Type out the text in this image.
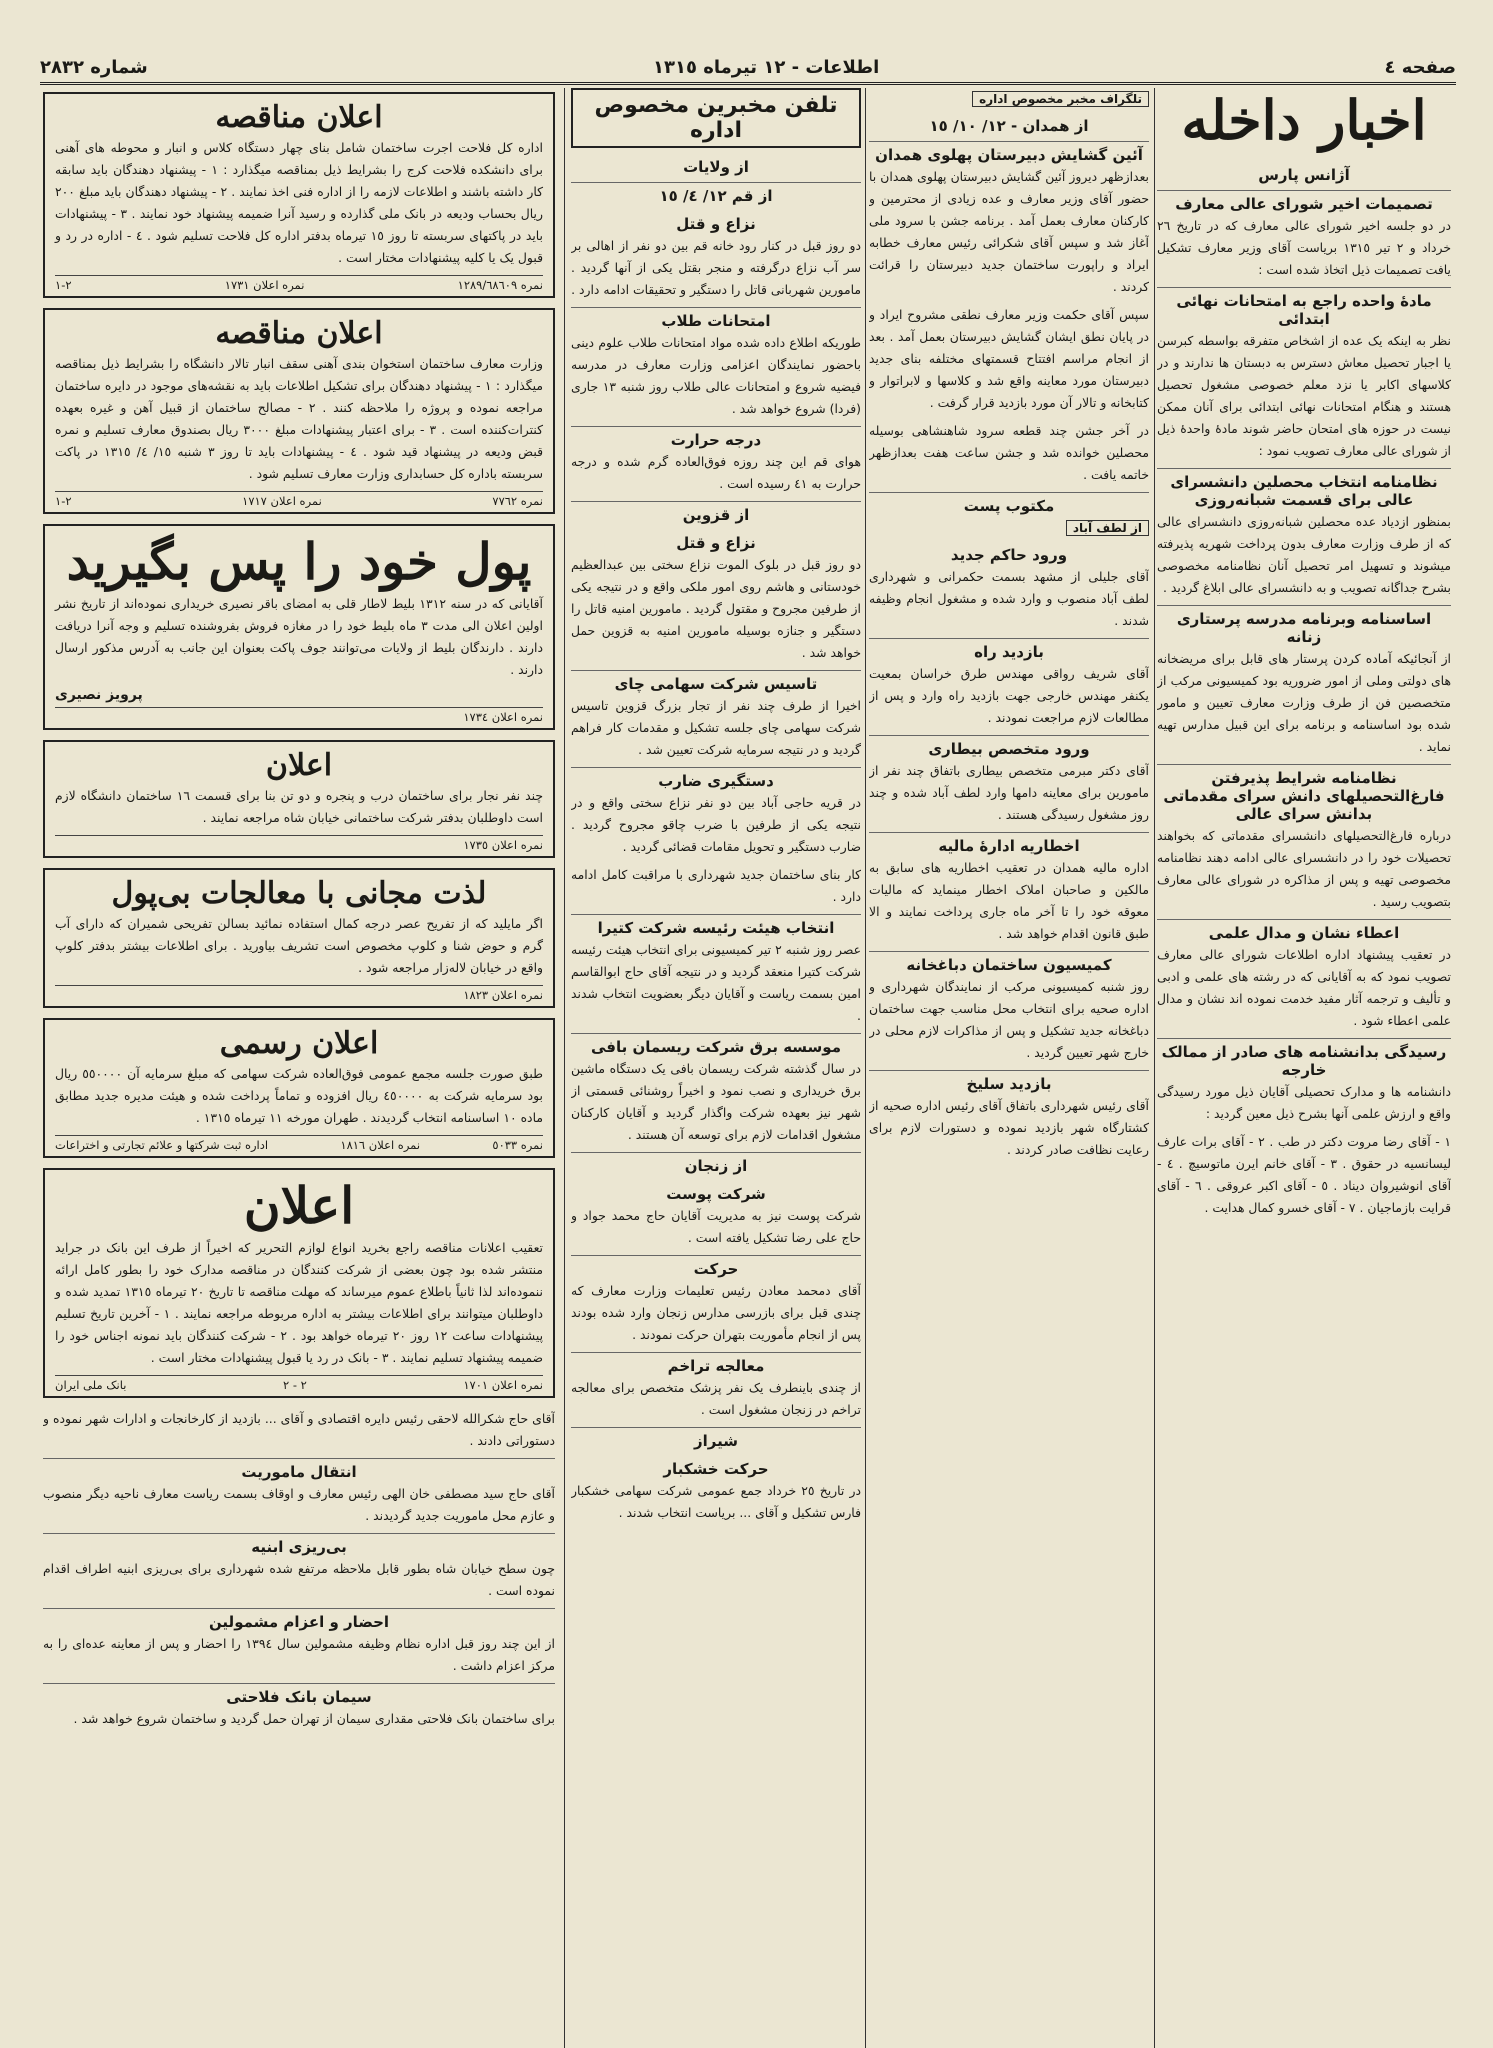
صفحه ٤
اطلاعات - ١٢ تیرماه ١٣١٥
شماره ٢٨٣٢
اخبار داخله
آژانس پارس
تصمیمات اخیر شورای عالی معارف

در دو جلسه اخیر شورای عالی معارف که در تاریخ ٢٦ خرداد و ٢ تیر ١٣١٥ بریاست آقای وزیر معارف تشکیل یافت تصمیمات ذیل اتخاذ شده است :

مادهٔ واحده راجع به امتحانات نهائی ابتدائی

نظر به اینکه یک عده از اشخاص متفرقه بواسطه کبرسن یا اجبار تحصیل معاش دسترس به دبستان ها ندارند و در کلاسهای اکابر یا نزد معلم خصوصی مشغول تحصیل هستند و هنگام امتحانات نهائی ابتدائی برای آنان ممکن نیست در حوزه های امتحان حاضر شوند مادهٔ واحدهٔ ذیل از شورای عالی معارف تصویب نمود :

نظامنامه انتخاب محصلین دانشسرای عالی برای قسمت شبانه‌روزی

بمنظور ازدیاد عده محصلین شبانه‌روزی دانشسرای عالی که از طرف وزارت معارف بدون پرداخت شهریه پذیرفته میشوند و تسهیل امر تحصیل آنان نظامنامه مخصوصی بشرح جداگانه تصویب و به دانشسرای عالی ابلاغ گردید .

اساسنامه وبرنامه مدرسه پرستاری زنانه

از آنجائیکه آماده کردن پرستار های قابل برای مریضخانه های دولتی وملی از امور ضروریه بود کمیسیونی مرکب از متخصصین فن از طرف وزارت معارف تعیین و مامور شده بود اساسنامه و برنامه برای این قبیل مدارس تهیه نماید .

نظامنامه شرایط پذیرفتن فارغ‌التحصیلهای دانش سرای مقدماتی بدانش سرای عالی

درباره فارغ‌التحصیلهای دانشسرای مقدماتی که بخواهند تحصیلات خود را در دانشسرای عالی ادامه دهند نظامنامه مخصوصی تهیه و پس از مذاکره در شورای عالی معارف بتصویب رسید .

اعطاء نشان و مدال علمی

در تعقیب پیشنهاد اداره اطلاعات شورای عالی معارف تصویب نمود که به آقایانی که در رشته های علمی و ادبی و تألیف و ترجمه آثار مفید خدمت نموده اند نشان و مدال علمی اعطاء شود .

رسیدگی بدانشنامه های صادر از ممالک خارجه

دانشنامه ها و مدارک تحصیلی آقایان ذیل مورد رسیدگی واقع و ارزش علمی آنها بشرح ذیل معین گردید :

١ - آقای رضا مروت دکتر در طب . ٢ - آقای برات عارف لیسانسیه در حقوق . ٣ - آقای خانم ایرن ماتوسیچ . ٤ - آقای انوشیروان دیناد . ٥ - آقای اکبر عروقی . ٦ - آقای قرایت بازماجیان . ٧ - آقای خسرو کمال هدایت .

تلگراف مخبر مخصوص اداره
از همدان - ١٢/ ١٠/ ١٥
آئین گشایش دبیرستان پهلوی همدان

بعدازظهر دیروز آئین گشایش دبیرستان پهلوی همدان با حضور آقای وزیر معارف و عده زیادی از محترمین و کارکنان معارف بعمل آمد . برنامه جشن با سرود ملی آغاز شد و سپس آقای شکرائی رئیس معارف خطابه ایراد و راپورت ساختمان جدید دبیرستان را قرائت کردند .

سپس آقای حکمت وزیر معارف نطقی مشروح ایراد و در پایان نطق ایشان گشایش دبیرستان بعمل آمد . بعد از انجام مراسم افتتاح قسمتهای مختلفه بنای جدید دبیرستان مورد معاینه واقع شد و کلاسها و لابراتوار و کتابخانه و تالار آن مورد بازدید قرار گرفت .

در آخر جشن چند قطعه سرود شاهنشاهی بوسیله محصلین خوانده شد و جشن ساعت هفت بعدازظهر خاتمه یافت .

مکتوب پست
از لطف آباد
ورود حاکم جدید

آقای جلیلی از مشهد بسمت حکمرانی و شهرداری لطف آباد منصوب و وارد شده و مشغول انجام وظیفه شدند .

بازدید راه

آقای شریف رواقی مهندس طرق خراسان بمعیت یکنفر مهندس خارجی جهت بازدید راه وارد و پس از مطالعات لازم مراجعت نمودند .

ورود متخصص بیطاری

آقای دکتر مبرمی متخصص بیطاری باتفاق چند نفر از مامورین برای معاینه دامها وارد لطف آباد شده و چند روز مشغول رسیدگی هستند .

اخطاریه ادارهٔ مالیه

اداره مالیه همدان در تعقیب اخطاریه های سابق به مالکین و صاحبان املاک اخطار مینماید که مالیات معوقه خود را تا آخر ماه جاری پرداخت نمایند و الا طبق قانون اقدام خواهد شد .

کمیسیون ساختمان دباغخانه

روز شنبه کمیسیونی مرکب از نمایندگان شهرداری و اداره صحیه برای انتخاب محل مناسب جهت ساختمان دباغخانه جدید تشکیل و پس از مذاکرات لازم محلی در خارج شهر تعیین گردید .

بازدید سلیخ

آقای رئیس شهرداری باتفاق آقای رئیس اداره صحیه از کشتارگاه شهر بازدید نموده و دستورات لازم برای رعایت نظافت صادر کردند .

تلفن مخبرین مخصوص اداره
از ولایات
از قم ١٢/ ٤/ ١٥
نزاع و قتل

دو روز قبل در کنار رود خانه قم بین دو نفر از اهالی بر سر آب نزاع درگرفته و منجر بقتل یکی از آنها گردید . مامورین شهربانی قاتل را دستگیر و تحقیقات ادامه دارد .

امتحانات طلاب

طوریکه اطلاع داده شده مواد امتحانات طلاب علوم دینی باحضور نمایندگان اعزامی وزارت معارف در مدرسه فیضیه شروع و امتحانات عالی طلاب روز شنبه ١٣ جاری (فردا) شروع خواهد شد .

درجه حرارت

هوای قم این چند روزه فوق‌العاده گرم شده و درجه حرارت به ٤١ رسیده است .

از قزوین
نزاع و قتل

دو روز قبل در بلوک الموت نزاع سختی بین عبدالعظیم خودستانی و هاشم روی امور ملکی واقع و در نتیجه یکی از طرفین مجروح و مقتول گردید . مامورین امنیه قاتل را دستگیر و جنازه بوسیله مامورین امنیه به قزوین حمل خواهد شد .

تاسیس شرکت سهامی چای

اخیرا از طرف چند نفر از تجار بزرگ قزوین تاسیس شرکت سهامی چای جلسه تشکیل و مقدمات کار فراهم گردید و در نتیجه سرمایه شرکت تعیین شد .

دستگیری ضارب

در قریه حاجی آباد بین دو نفر نزاع سختی واقع و در نتیجه یکی از طرفین با ضرب چاقو مجروح گردید . ضارب دستگیر و تحویل مقامات قضائی گردید .

کار بنای ساختمان جدید شهرداری با مراقبت کامل ادامه دارد .

انتخاب هیئت رئیسه شرکت کتیرا

عصر روز شنبه ٢ تیر کمیسیونی برای انتخاب هیئت رئیسه شرکت کتیرا منعقد گردید و در نتیجه آقای حاج ابوالقاسم امین بسمت ریاست و آقایان دیگر بعضویت انتخاب شدند .

موسسه برق شرکت ریسمان بافی

در سال گذشته شرکت ریسمان بافی یک دستگاه ماشین برق خریداری و نصب نمود و اخیراً روشنائی قسمتی از شهر نیز بعهده شرکت واگذار گردید و آقایان کارکنان مشغول اقدامات لازم برای توسعه آن هستند .

از زنجان
شرکت پوست

شرکت پوست نیز به مدیریت آقایان حاج محمد جواد و حاج علی رضا تشکیل یافته است .

حرکت

آقای دمحمد معادن رئیس تعلیمات وزارت معارف که چندی قبل برای بازرسی مدارس زنجان وارد شده بودند پس از انجام مأموریت بتهران حرکت نمودند .

معالجه تراخم

از چندی باینطرف یک نفر پزشک متخصص برای معالجه تراخم در زنجان مشغول است .

شیراز
حرکت خشکبار

در تاریخ ٢٥ خرداد جمع عمومی شرکت سهامی خشکبار فارس تشکیل و آقای ... بریاست انتخاب شدند .

اعلان مناقصه

اداره کل فلاحت اجرت ساختمان شامل بنای چهار دستگاه کلاس و انبار و محوطه های آهنی برای دانشکده فلاحت کرج را بشرایط ذیل بمناقصه میگذارد : ١ - پیشنهاد دهندگان باید سابقه کار داشته باشند و اطلاعات لازمه را از اداره فنی اخذ نمایند . ٢ - پیشنهاد دهندگان باید مبلغ ٢٠٠ ریال بحساب ودیعه در بانک ملی گذارده و رسید آنرا ضمیمه پیشنهاد خود نمایند . ٣ - پیشنهادات باید در پاکتهای سربسته تا روز ١٥ تیرماه بدفتر اداره کل فلاحت تسلیم شود . ٤ - اداره در رد و قبول یک یا کلیه پیشنهادات مختار است .

نمره ١٢٨٩/٦٨٦٠٩
نمره اعلان ١٧٣١
٢-١
اعلان مناقصه

وزارت معارف ساختمان استخوان بندی آهنی سقف انبار تالار دانشگاه را بشرایط ذیل بمناقصه میگذارد : ١ - پیشنهاد دهندگان برای تشکیل اطلاعات باید به نقشه‌های موجود در دایره ساختمان مراجعه نموده و پروژه را ملاحظه کنند . ٢ - مصالح ساختمان از قبیل آهن و غیره بعهده کنترات‌کننده است . ٣ - برای اعتبار پیشنهادات مبلغ ٣٠٠٠ ریال بصندوق معارف تسلیم و نمره قبض ودیعه در پیشنهاد قید شود . ٤ - پیشنهادات باید تا روز ٣ شنبه ١٥/ ٤/ ١٣١٥ در پاکت سربسته باداره کل حسابداری وزارت معارف تسلیم شود .

نمره ٧٧٦٢
نمره اعلان ١٧١٧
٢-١
پول خود را پس بگیرید

آقایانی که در سنه ١٣١٢ بلیط لاطار قلی به امضای باقر نصیری خریداری نموده‌اند از تاریخ نشر اولین اعلان الی مدت ٣ ماه بلیط خود را در مغازه فروش بفروشنده تسلیم و وجه آنرا دریافت دارند . دارندگان بلیط از ولایات می‌توانند جوف پاکت بعنوان این جانب به آدرس مذکور ارسال دارند .

پرویز نصیری
نمره اعلان ١٧٣٤
اعلان

چند نفر نجار برای ساختمان درب و پنجره و دو تن بنا برای قسمت ١٦ ساختمان دانشگاه لازم است داوطلبان بدفتر شرکت ساختمانی خیابان شاه مراجعه نمایند .

نمره اعلان ١٧٣٥
لذت مجانی با معالجات بی‌پول

اگر مایلید که از تفریح عصر درجه کمال استفاده نمائید بسالن تفریحی شمیران که دارای آب گرم و حوض شنا و کلوپ مخصوص است تشریف بیاورید . برای اطلاعات بیشتر بدفتر کلوپ واقع در خیابان لاله‌زار مراجعه شود .

نمره اعلان ١٨٢٣
اعلان رسمی

طبق صورت جلسه مجمع عمومی فوق‌العاده شرکت سهامی که مبلغ سرمایه آن ٥٥٠٠٠٠ ریال بود سرمایه شرکت به ٤٥٠٠٠٠ ریال افزوده و تماماً پرداخت شده و هیئت مدیره جدید مطابق ماده ١٠ اساسنامه انتخاب گردیدند . طهران مورخه ١١ تیرماه ١٣١٥ .

نمره ٥٠٣٣
نمره اعلان ١٨١٦
اداره ثبت شرکتها و علائم تجارتی و اختراعات
اعلان

تعقیب اعلانات مناقصه راجع بخرید انواع لوازم التحریر که اخیراً از طرف این بانک در جراید منتشر شده بود چون بعضی از شرکت کنندگان در مناقصه مدارک خود را بطور کامل ارائه ننموده‌اند لذا ثانیاً باطلاع عموم میرساند که مهلت مناقصه تا تاریخ ٢٠ تیرماه ١٣١٥ تمدید شده و داوطلبان میتوانند برای اطلاعات بیشتر به اداره مربوطه مراجعه نمایند . ١ - آخرین تاریخ تسلیم پیشنهادات ساعت ١٢ روز ٢٠ تیرماه خواهد بود . ٢ - شرکت کنندگان باید نمونه اجناس خود را ضمیمه پیشنهاد تسلیم نمایند . ٣ - بانک در رد یا قبول پیشنهادات مختار است .

نمره اعلان ١٧٠١
٢ - ٢
بانک ملی ایران

آقای حاج شکرالله لاحقی رئیس دایره اقتصادی و آقای ... بازدید از کارخانجات و ادارات شهر نموده و دستوراتی دادند .

انتقال ماموریت

آقای حاج سید مصطفی خان الهی رئیس معارف و اوقاف بسمت ریاست معارف ناحیه دیگر منصوب و عازم محل ماموریت جدید گردیدند .

بی‌ریزی ابنیه

چون سطح خیابان شاه بطور قابل ملاحظه مرتفع شده شهرداری برای بی‌ریزی ابنیه اطراف اقدام نموده است .

احضار و اعزام مشمولین

از این چند روز قبل اداره نظام وظیفه مشمولین سال ١٣٩٤ را احضار و پس از معاینه عده‌ای را به مرکز اعزام داشت .

سیمان بانک فلاحتی

برای ساختمان بانک فلاحتی مقداری سیمان از تهران حمل گردید و ساختمان شروع خواهد شد .
